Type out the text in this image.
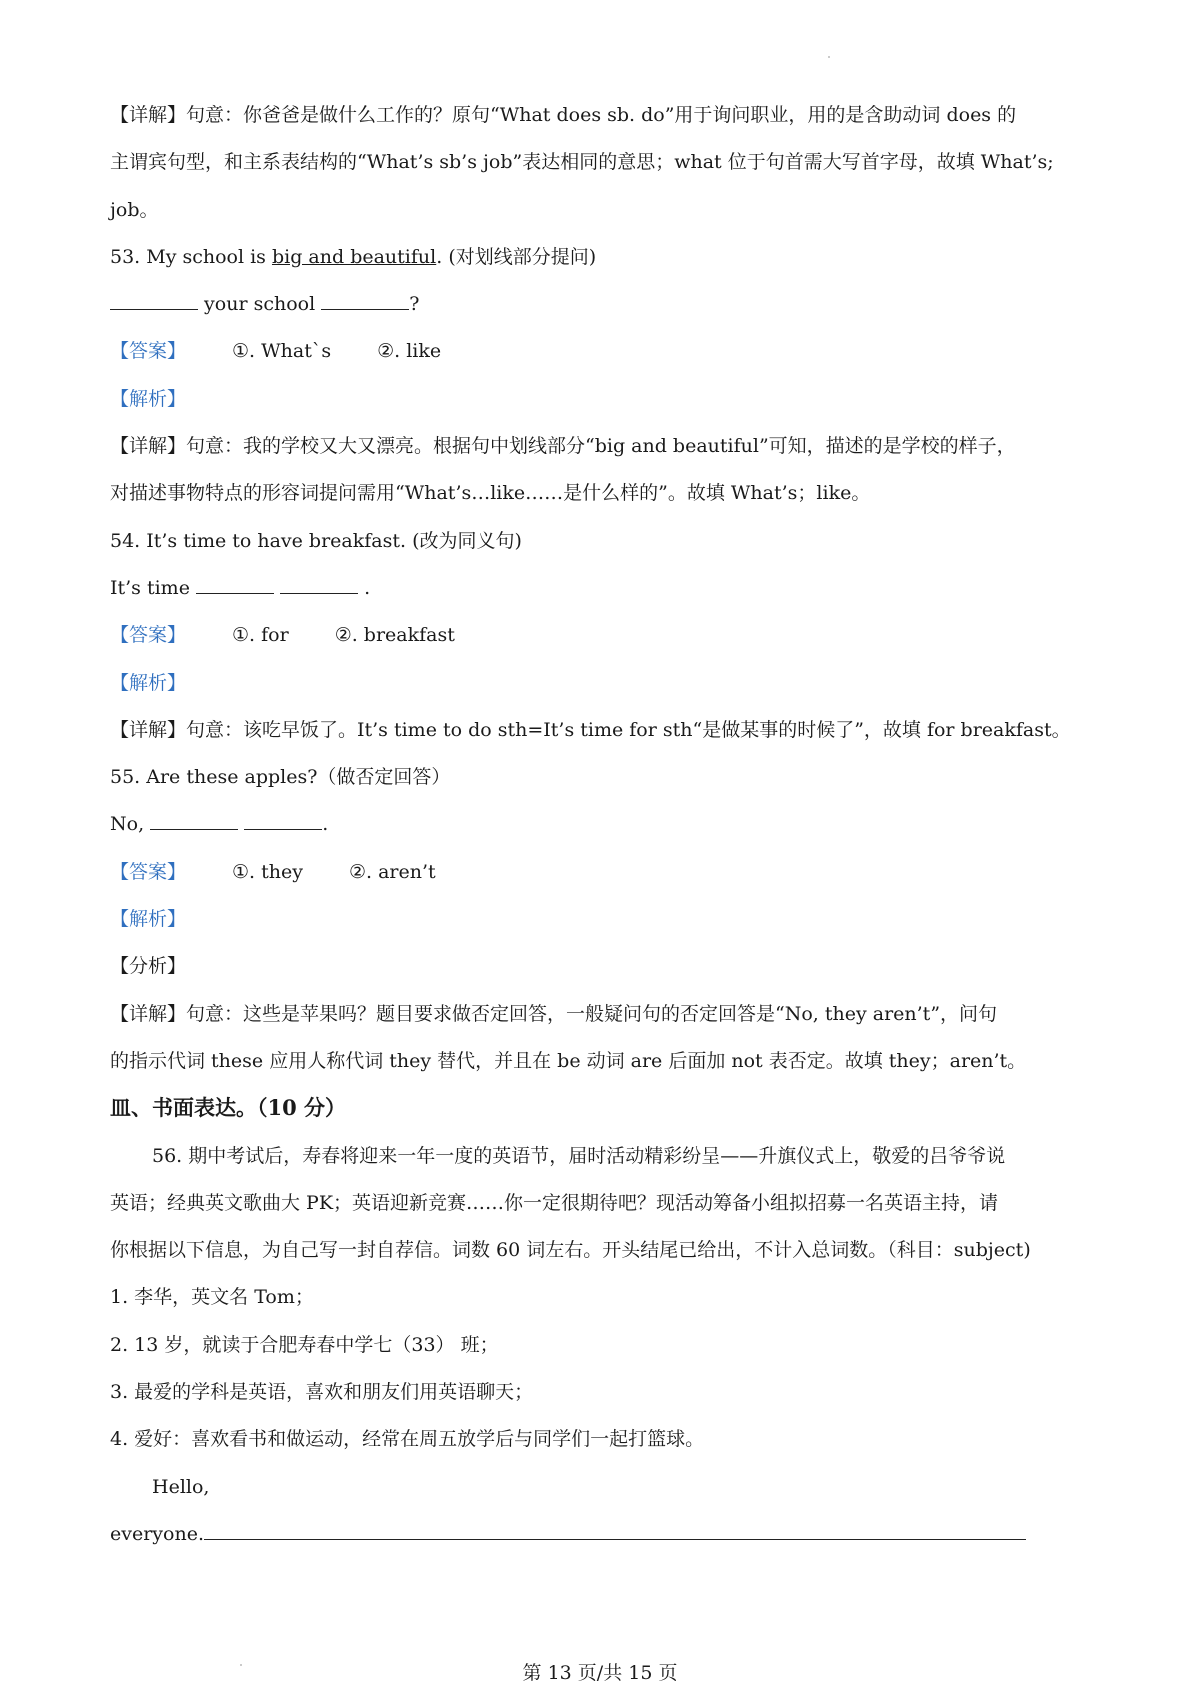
【详解】句意：你爸爸是做什么工作的？原句“What does sb. do”用于询问职业，用的是含助动词 does 的
主谓宾句型，和主系表结构的“What’s sb’s job”表达相同的意思；what 位于句首需大写首字母，故填 What’s;
job。
53. My school is big and beautiful. (对划线部分提问)
your school	?
【答案】 ①. What`s ②. like
【解析】
【详解】句意：我的学校又大又漂亮。根据句中划线部分“big and beautiful”可知，描述的是学校的样子，
对描述事物特点的形容词提问需用“What’s…like……是什么样的”。故填 What’s；like。
54. It’s time to have breakfast. (改为同义句)
It’s time	.
【答案】 ①. for ②. breakfast
【解析】
【详解】句意：该吃早饭了。It’s time to do sth=It’s time for sth“是做某事的时候了”，故填 for breakfast。
55. Are these apples?（做否定回答）
No,	.
【答案】 ①. they ②. aren’t
【解析】
【分析】
【详解】句意：这些是苹果吗？题目要求做否定回答，一般疑问句的否定回答是“No, they aren’t”，问句
的指示代词 these 应用人称代词 they 替代，并且在 be 动词 are 后面加 not 表否定。故填 they；aren’t。
皿、书面表达。（10 分）
56. 期中考试后，寿春将迎来一年一度的英语节，届时活动精彩纷呈——升旗仪式上，敬爱的吕爷爷说
英语；经典英文歌曲大 PK；英语迎新竞赛……你一定很期待吧？现活动筹备小组拟招募一名英语主持，请
你根据以下信息，为自己写一封自荐信。词数 60 词左右。开头结尾已给出，不计入总词数。（科目：subject)
1. 李华，英文名 Tom；
2. 13 岁，就读于合肥寿春中学七（33） 班；
3. 最爱的学科是英语，喜欢和朋友们用英语聊天；
4. 爱好：喜欢看书和做运动，经常在周五放学后与同学们一起打篮球。
Hello,
everyone.
第 13 页/共 15 页
